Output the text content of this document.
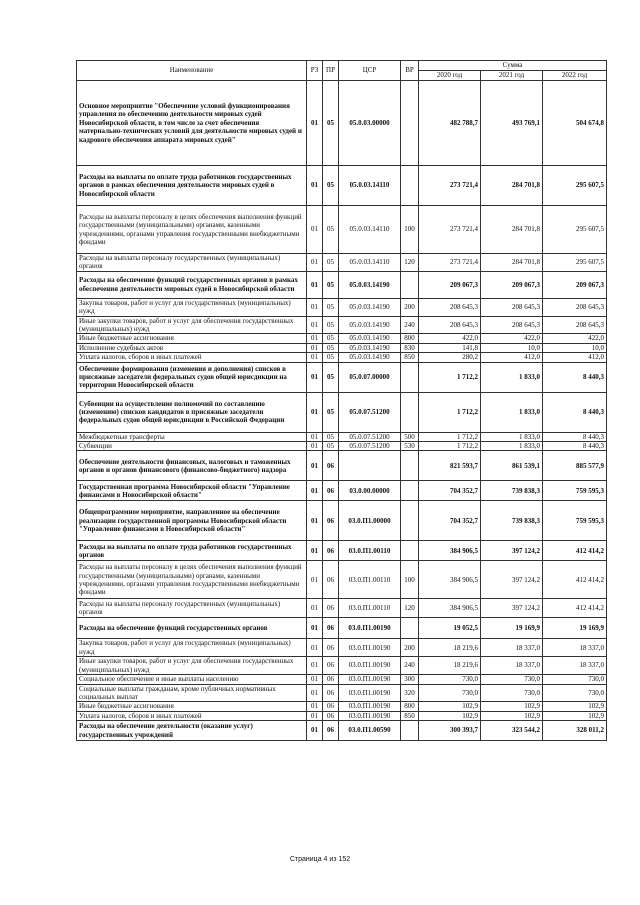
Наименование	РЗ	ПР	ЦСР	ВР	Сумма		
					2020 год	2021 год	2022 год
Основное мероприятие "Обеспечение условий функционирования управления по обеспечению деятельности мировых судей Новосибирской области, в том числе за счет обеспечения материально-технических условий для деятельности мировых судей и кадрового обеспечения аппарата мировых судей"	01	05	05.0.03.00000		482 788,7	493 769,1	504 674,8
Расходы на выплаты по оплате труда работников государственных органов в рамках обеспечения деятельности мировых судей в Новосибирской области	01	05	05.0.03.14110		273 721,4	284 701,8	295 607,5
Расходы на выплаты персоналу в целях обеспечения выполнения функций государственными (муниципальными) органами, казенными учреждениями, органами управления государственными внебюджетными фондами	01	05	05.0.03.14110	100	273 721,4	284 701,8	295 607,5
Расходы на выплаты персоналу государственных (муниципальных) органов	01	05	05.0.03.14110	120	273 721,4	284 701,8	295 607,5
Расходы на обеспечение функций государственных органов в рамках обеспечения деятельности мировых судей в Новосибирской области	01	05	05.0.03.14190		209 067,3	209 067,3	209 067,3
Закупка товаров, работ и услуг для государственных (муниципальных) нужд	01	05	05.0.03.14190	200	208 645,3	208 645,3	208 645,3
Иные закупки товаров, работ и услуг для обеспечения государственных (муниципальных) нужд	01	05	05.0.03.14190	240	208 645,3	208 645,3	208 645,3
Иные бюджетные ассигнования	01	05	05.0.03.14190	800	422,0	422,0	422,0
Исполнение судебных актов	01	05	05.0.03.14190	830	141,8	10,0	10,0
Уплата налогов, сборов и иных платежей	01	05	05.0.03.14190	850	280,2	412,0	412,0
Обеспечение формирования (изменения и дополнения) списков в присяжные заседатели федеральных судов общей юрисдикции на территории Новосибирской области	01	05	05.0.07.00000		1 712,2	1 833,0	8 440,3
Субвенции на осуществление полномочий по составлению (изменению) списков кандидатов в присяжные заседатели федеральных судов общей юрисдикции в Российской Федерации	01	05	05.0.07.51200		1 712,2	1 833,0	8 440,3
Межбюджетные трансферты	01	05	05.0.07.51200	500	1 712,2	1 833,0	8 440,3
Субвенции	01	05	05.0.07.51200	530	1 712,2	1 833,0	8 440,3
Обеспечение деятельности финансовых, налоговых и таможенных органов и органов финансового (финансово-бюджетного) надзора	01	06			821 593,7	861 539,1	885 577,9
Государственная программа Новосибирской области "Управление финансами в Новосибирской области"	01	06	03.0.00.00000		704 352,7	739 838,3	759 595,3
Общепрограммное мероприятие, направленное на обеспечение реализации государственной программы Новосибирской области "Управление финансами в Новосибирской области"	01	06	03.0.П1.00000		704 352,7	739 838,3	759 595,3
Расходы на выплаты по оплате труда работников государственных органов	01	06	03.0.П1.00110		384 906,5	397 124,2	412 414,2
Расходы на выплаты персоналу в целях обеспечения выполнения функций государственными (муниципальными) органами, казенными учреждениями, органами управления государственными внебюджетными фондами	01	06	03.0.П1.00110	100	384 906,5	397 124,2	412 414,2
Расходы на выплаты персоналу государственных (муниципальных) органов	01	06	03.0.П1.00110	120	384 906,5	397 124,2	412 414,2
Расходы на обеспечение функций государственных органов	01	06	03.0.П1.00190		19 052,5	19 169,9	19 169,9
Закупка товаров, работ и услуг для государственных (муниципальных) нужд	01	06	03.0.П1.00190	200	18 219,6	18 337,0	18 337,0
Иные закупки товаров, работ и услуг для обеспечения государственных (муниципальных) нужд	01	06	03.0.П1.00190	240	18 219,6	18 337,0	18 337,0
Социальное обеспечение и иные выплаты населению	01	06	03.0.П1.00190	300	730,0	730,0	730,0
Социальные выплаты гражданам, кроме публичных нормативных социальных выплат	01	06	03.0.П1.00190	320	730,0	730,0	730,0
Иные бюджетные ассигнования	01	06	03.0.П1.00190	800	102,9	102,9	102,9
Уплата налогов, сборов и иных платежей	01	06	03.0.П1.00190	850	102,9	102,9	102,9
Расходы на обеспечение деятельности (оказание услуг) государственных учреждений	01	06	03.0.П1.00590		300 393,7	323 544,2	328 011,2
Страница 4 из 152
